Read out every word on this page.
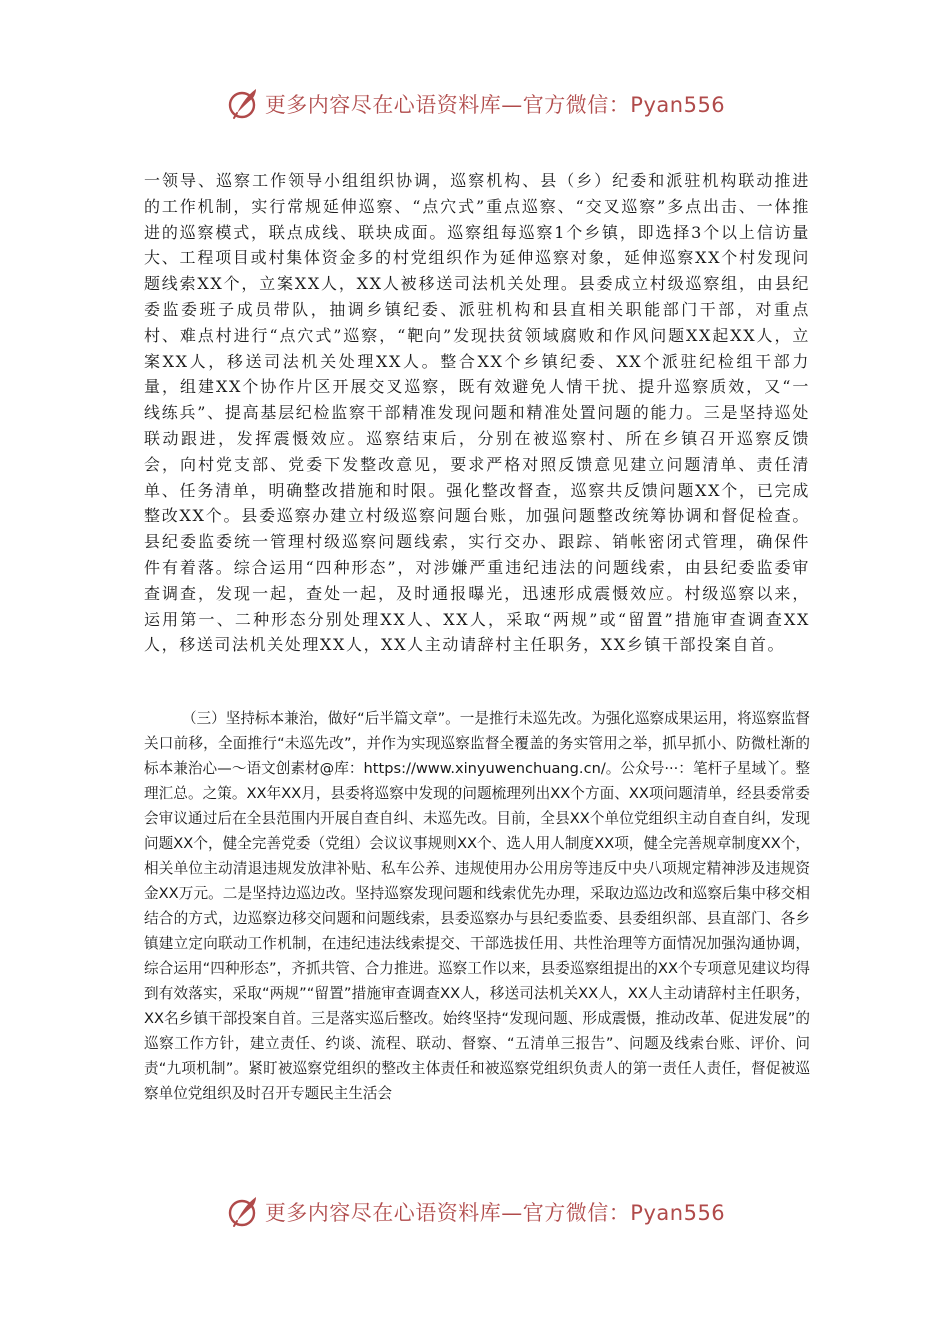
更多内容尽在心语资料库—官方微信：Pyan556

一领导、巡察工作领导小组组织协调，巡察机构、县（乡）纪委和派驻机构联动推进的工作机制，实行常规延伸巡察、“点穴式”重点巡察、“交叉巡察”多点出击、一体推进的巡察模式，联点成线、联块成面。巡察组每巡察1个乡镇，即选择3个以上信访量大、工程项目或村集体资金多的村党组织作为延伸巡察对象，延伸巡察XX个村发现问题线索XX个，立案XX人，XX人被移送司法机关处理。县委成立村级巡察组，由县纪委监委班子成员带队，抽调乡镇纪委、派驻机构和县直相关职能部门干部，对重点村、难点村进行“点穴式”巡察，“靶向”发现扶贫领域腐败和作风问题XX起XX人，立案XX人，移送司法机关处理XX人。整合XX个乡镇纪委、XX个派驻纪检组干部力量，组建XX个协作片区开展交叉巡察，既有效避免人情干扰、提升巡察质效，又“一线练兵”、提高基层纪检监察干部精准发现问题和精准处置问题的能力。三是坚持巡处联动跟进，发挥震慑效应。巡察结束后，分别在被巡察村、所在乡镇召开巡察反馈会，向村党支部、党委下发整改意见，要求严格对照反馈意见建立问题清单、责任清单、任务清单，明确整改措施和时限。强化整改督查，巡察共反馈问题XX个，已完成整改XX个。县委巡察办建立村级巡察问题台账，加强问题整改统筹协调和督促检查。县纪委监委统一管理村级巡察问题线索，实行交办、跟踪、销帐密闭式管理，确保件件有着落。综合运用“四种形态”，对涉嫌严重违纪违法的问题线索，由县纪委监委审查调查，发现一起，查处一起，及时通报曝光，迅速形成震慑效应。村级巡察以来，运用第一、二种形态分别处理XX人、XX人，采取“两规”或“留置”措施审查调查XX人，移送司法机关处理XX人，XX人主动请辞村主任职务，XX乡镇干部投案自首。

（三）坚持标本兼治，做好“后半篇文章”。一是推行未巡先改。为强化巡察成果运用，将巡察监督关口前移，全面推行“未巡先改”，并作为实现巡察监督全覆盖的务实管用之举，抓早抓小、防微杜渐的标本兼治心—～语文创素材@库：https://www.xinyuwenchuang.cn/。公众号···：笔杆子星域丫。整理汇总。之策。XX年XX月，县委将巡察中发现的问题梳理列出XX个方面、XX项问题清单，经县委常委会审议通过后在全县范围内开展自查自纠、未巡先改。目前，全县XX个单位党组织主动自查自纠，发现问题XX个，健全完善党委（党组）会议议事规则XX个、选人用人制度XX项，健全完善规章制度XX个，相关单位主动清退违规发放津补贴、私车公养、违规使用办公用房等违反中央八项规定精神涉及违规资金XX万元。二是坚持边巡边改。坚持巡察发现问题和线索优先办理，采取边巡边改和巡察后集中移交相结合的方式，边巡察边移交问题和问题线索，县委巡察办与县纪委监委、县委组织部、县直部门、各乡镇建立定向联动工作机制，在违纪违法线索提交、干部选拔任用、共性治理等方面情况加强沟通协调，综合运用“四种形态”，齐抓共管、合力推进。巡察工作以来，县委巡察组提出的XX个专项意见建议均得到有效落实，采取“两规”“留置”措施审查调查XX人，移送司法机关XX人，XX人主动请辞村主任职务，XX名乡镇干部投案自首。三是落实巡后整改。始终坚持“发现问题、形成震慑，推动改革、促进发展”的巡察工作方针，建立责任、约谈、流程、联动、督察、“五清单三报告”、问题及线索台账、评价、问责“九项机制”。紧盯被巡察党组织的整改主体责任和被巡察党组织负责人的第一责任人责任，督促被巡察单位党组织及时召开专题民主生活会

更多内容尽在心语资料库—官方微信：Pyan556
